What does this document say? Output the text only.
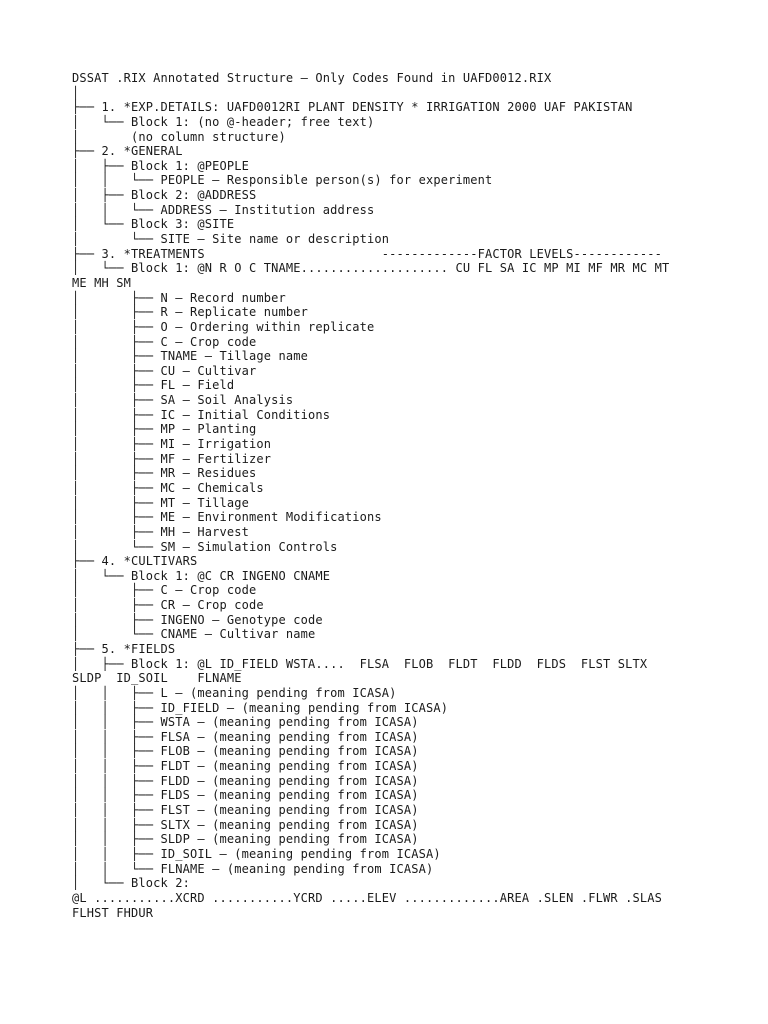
DSSAT .RIX Annotated Structure — Only Codes Found in UAFD0012.RIX
│
├── 1. *EXP.DETAILS: UAFD0012RI PLANT DENSITY * IRRIGATION 2000 UAF PAKISTAN
│   └── Block 1: (no @-header; free text)
│       (no column structure)
├── 2. *GENERAL
│   ├── Block 1: @PEOPLE
│   │   └── PEOPLE — Responsible person(s) for experiment
│   ├── Block 2: @ADDRESS
│   │   └── ADDRESS — Institution address
│   └── Block 3: @SITE
│       └── SITE — Site name or description
├── 3. *TREATMENTS                        -------------FACTOR LEVELS------------
│   └── Block 1: @N R O C TNAME.................... CU FL SA IC MP MI MF MR MC MT
ME MH SM
│       ├── N — Record number
│       ├── R — Replicate number
│       ├── O — Ordering within replicate
│       ├── C — Crop code
│       ├── TNAME — Tillage name
│       ├── CU — Cultivar
│       ├── FL — Field
│       ├── SA — Soil Analysis
│       ├── IC — Initial Conditions
│       ├── MP — Planting
│       ├── MI — Irrigation
│       ├── MF — Fertilizer
│       ├── MR — Residues
│       ├── MC — Chemicals
│       ├── MT — Tillage
│       ├── ME — Environment Modifications
│       ├── MH — Harvest
│       └── SM — Simulation Controls
├── 4. *CULTIVARS
│   └── Block 1: @C CR INGENO CNAME
│       ├── C — Crop code
│       ├── CR — Crop code
│       ├── INGENO — Genotype code
│       └── CNAME — Cultivar name
├── 5. *FIELDS
│   ├── Block 1: @L ID_FIELD WSTA....  FLSA  FLOB  FLDT  FLDD  FLDS  FLST SLTX
SLDP  ID_SOIL    FLNAME
│   │   ├── L — (meaning pending from ICASA)
│   │   ├── ID_FIELD — (meaning pending from ICASA)
│   │   ├── WSTA — (meaning pending from ICASA)
│   │   ├── FLSA — (meaning pending from ICASA)
│   │   ├── FLOB — (meaning pending from ICASA)
│   │   ├── FLDT — (meaning pending from ICASA)
│   │   ├── FLDD — (meaning pending from ICASA)
│   │   ├── FLDS — (meaning pending from ICASA)
│   │   ├── FLST — (meaning pending from ICASA)
│   │   ├── SLTX — (meaning pending from ICASA)
│   │   ├── SLDP — (meaning pending from ICASA)
│   │   ├── ID_SOIL — (meaning pending from ICASA)
│   │   └── FLNAME — (meaning pending from ICASA)
│   └── Block 2:
@L ...........XCRD ...........YCRD .....ELEV .............AREA .SLEN .FLWR .SLAS
FLHST FHDUR
